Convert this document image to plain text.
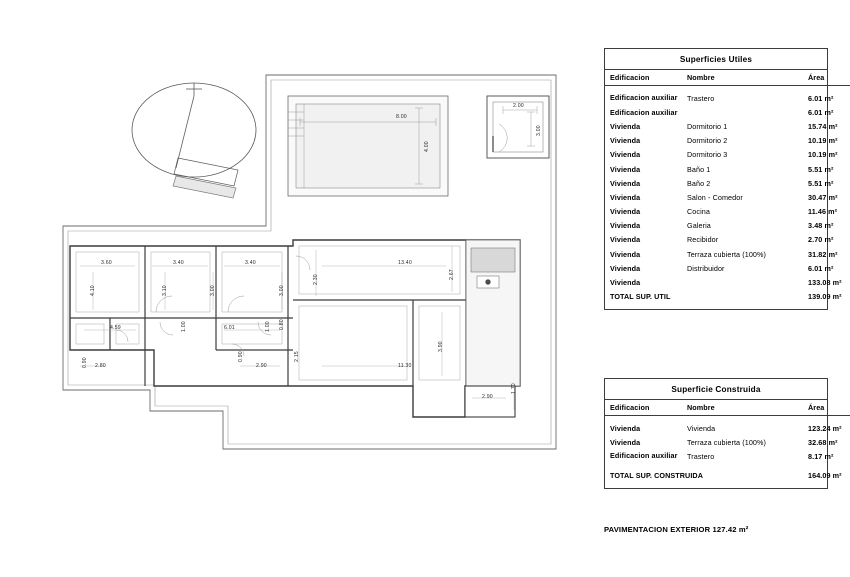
8.00
4.00
2.00
3.00
3.60	3.40	3.40
4.10	3.10	3.00	3.00
2.30	2.67
13.40
4.59	6.01
1.00	1.00 0.80
3.90
2.80
0.90	2.90
2.15
0.90
11.30
2.90
1.70
Superficies Utiles
Edificacion	Nombre	Área

Edificacion auxiliar	Trastero	6.01 m²
Edificacion auxiliar		6.01 m²
Vivienda	Dormitorio 1	15.74 m²
Vivienda	Dormitorio 2	10.19 m²
Vivienda	Dormitorio 3	10.19 m²
Vivienda	Baño 1	5.51 m²
Vivienda	Baño 2	5.51 m²
Vivienda	Salon - Comedor	30.47 m²
Vivienda	Cocina	11.46 m²
Vivienda	Galeria	3.48 m²
Vivienda	Recibidor	2.70 m²
Vivienda	Terraza cubierta (100%)	31.82 m²
Vivienda	Distribuidor	6.01 m²
Vivienda		133.08 m²
TOTAL SUP. UTIL		139.09 m²

Superficie Construida
Edificacion	Nombre	Área

Vivienda	Vivienda	123.24 m²
Vivienda	Terraza cubierta (100%)	32.68 m²
Edificacion auxiliar	Trastero	8.17 m²

TOTAL SUP. CONSTRUIDA		164.09 m²

PAVIMENTACION EXTERIOR 127.42 m²
